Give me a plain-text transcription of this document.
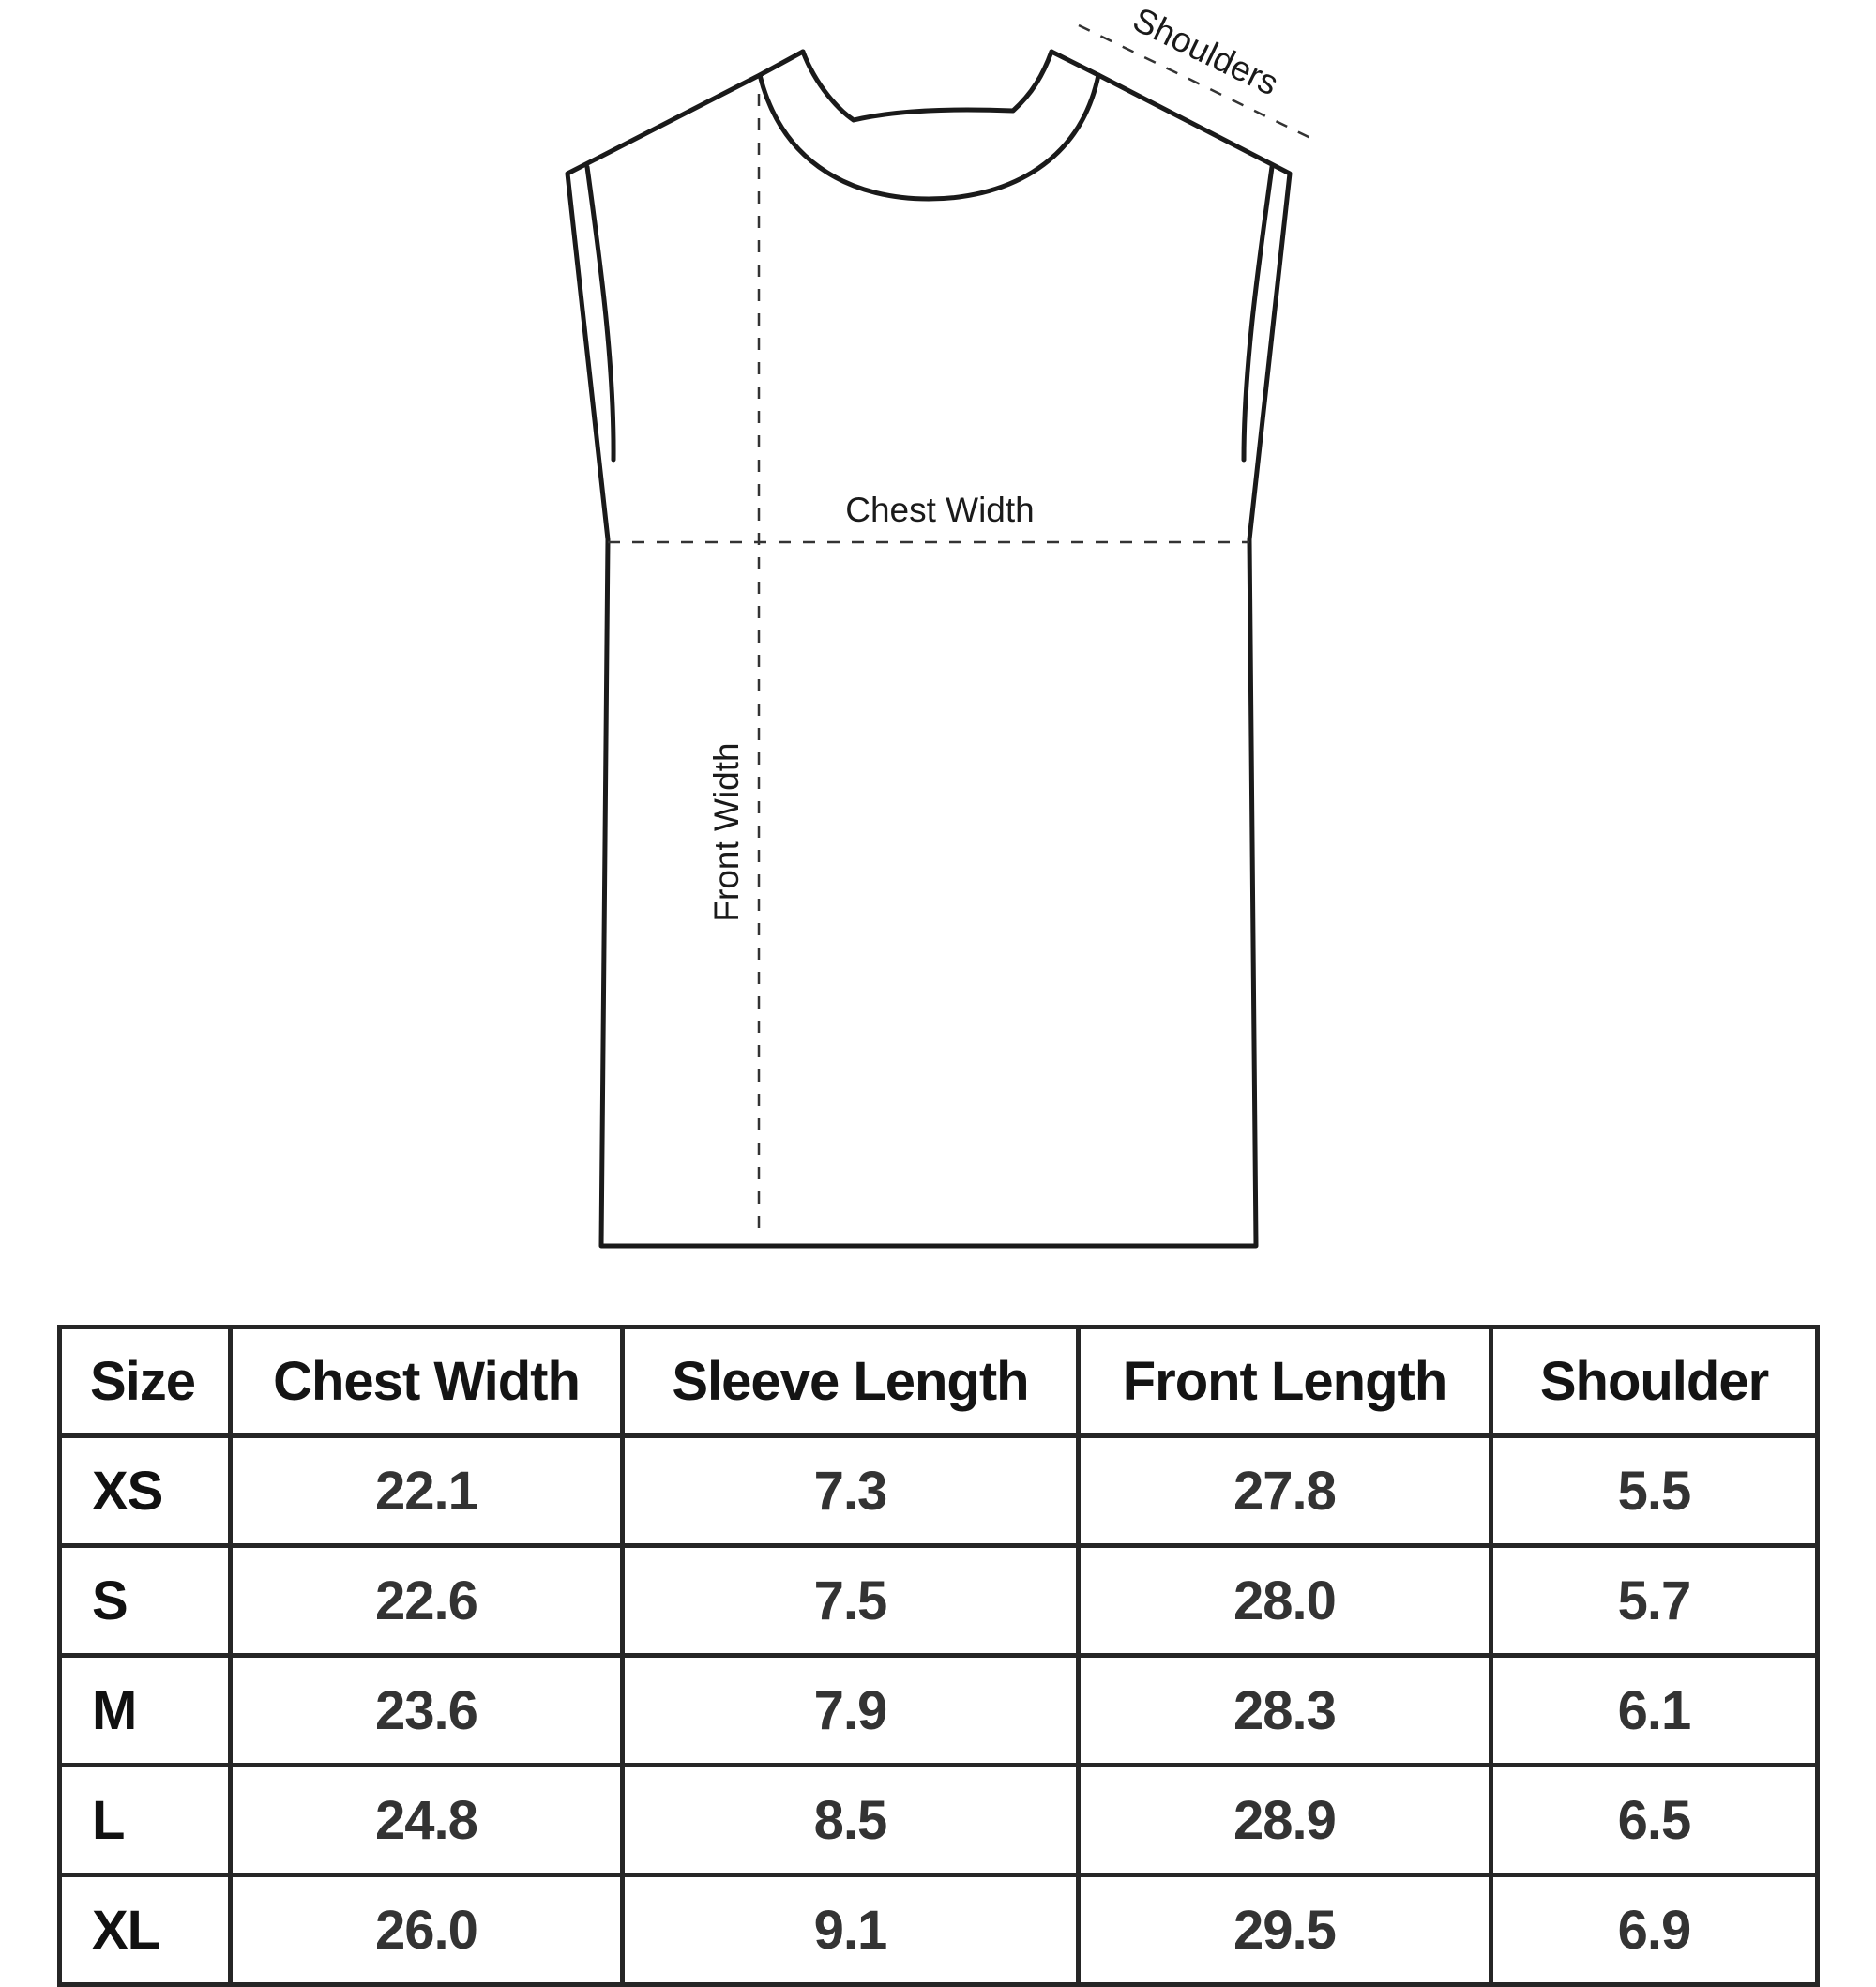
Chest Width
Front Width
Shoulders
Size	Chest Width	Sleeve Length	Front Length	Shoulder
XS	22.1	7.3	27.8	5.5
S	22.6	7.5	28.0	5.7
M	23.6	7.9	28.3	6.1
L	24.8	8.5	28.9	6.5
XL	26.0	9.1	29.5	6.9
